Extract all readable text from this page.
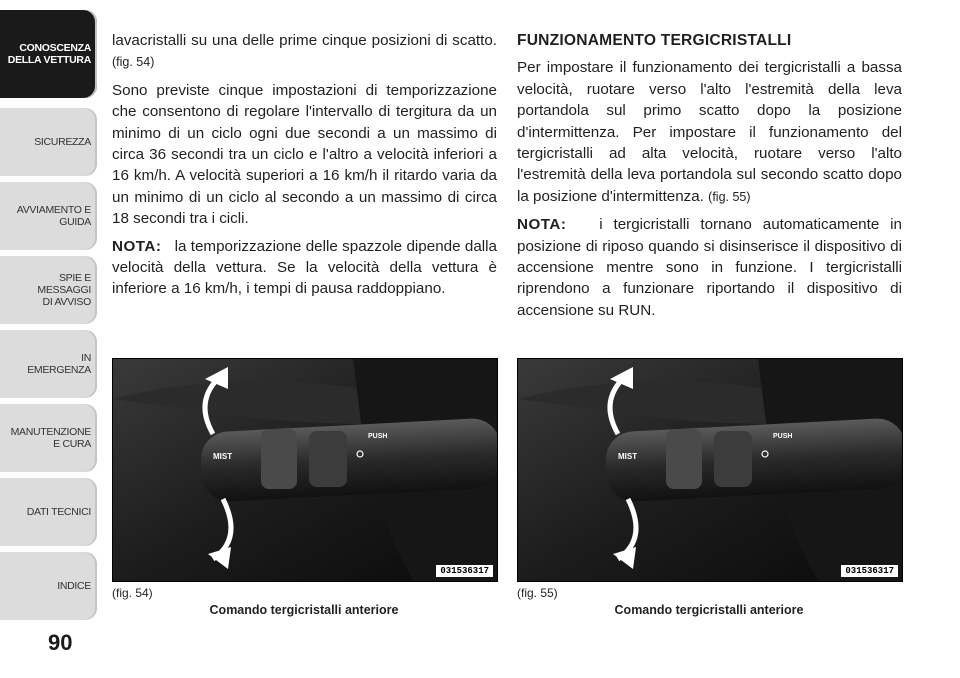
CONOSCENZA
DELLA VETTURA
SICUREZZA
AVVIAMENTO E
GUIDA
SPIE E
MESSAGGI
DI AVVISO
IN
EMERGENZA
MANUTENZIONE
E CURA
DATI TECNICI
INDICE
90

lavacristalli su una delle prime cinque posizioni di scatto. (fig. 54)

Sono previste cinque impostazioni di temporizzazione che consentono di regolare l'intervallo di tergitura da un minimo di un ciclo ogni due secondi a un massimo di circa 36 secondi tra un ciclo e l'altro a velocità inferiori a 16 km/h. A velocità superiori a 16 km/h il ritardo varia da un minimo di un ciclo al secondo a un massimo di circa 18 secondi tra i cicli.

NOTA: la temporizzazione delle spazzole dipende dalla velocità della vettura. Se la velocità della vettura è inferiore a 16 km/h, i tempi di pausa raddoppiano.

FUNZIONAMENTO TERGICRISTALLI

Per impostare il funzionamento dei tergicristalli a bassa velocità, ruotare verso l'alto l'estremità della leva portandola sul primo scatto dopo la posizione d'intermittenza. Per impostare il funzionamento del tergicristalli ad alta velocità, ruotare verso l'alto l'estremità della leva portandola sul secondo scatto dopo la posizione d'intermittenza. (fig. 55)

NOTA: i tergicristalli tornano automaticamente in posizione di riposo quando si disinserisce il dispositivo di accensione mentre sono in funzione. I tergicristalli riprendono a funzionare riportando il dispositivo di accensione su RUN.

MIST
PUSH
031536317
(fig. 54)
Comando tergicristalli anteriore
MIST
PUSH
031536317
(fig. 55)
Comando tergicristalli anteriore
